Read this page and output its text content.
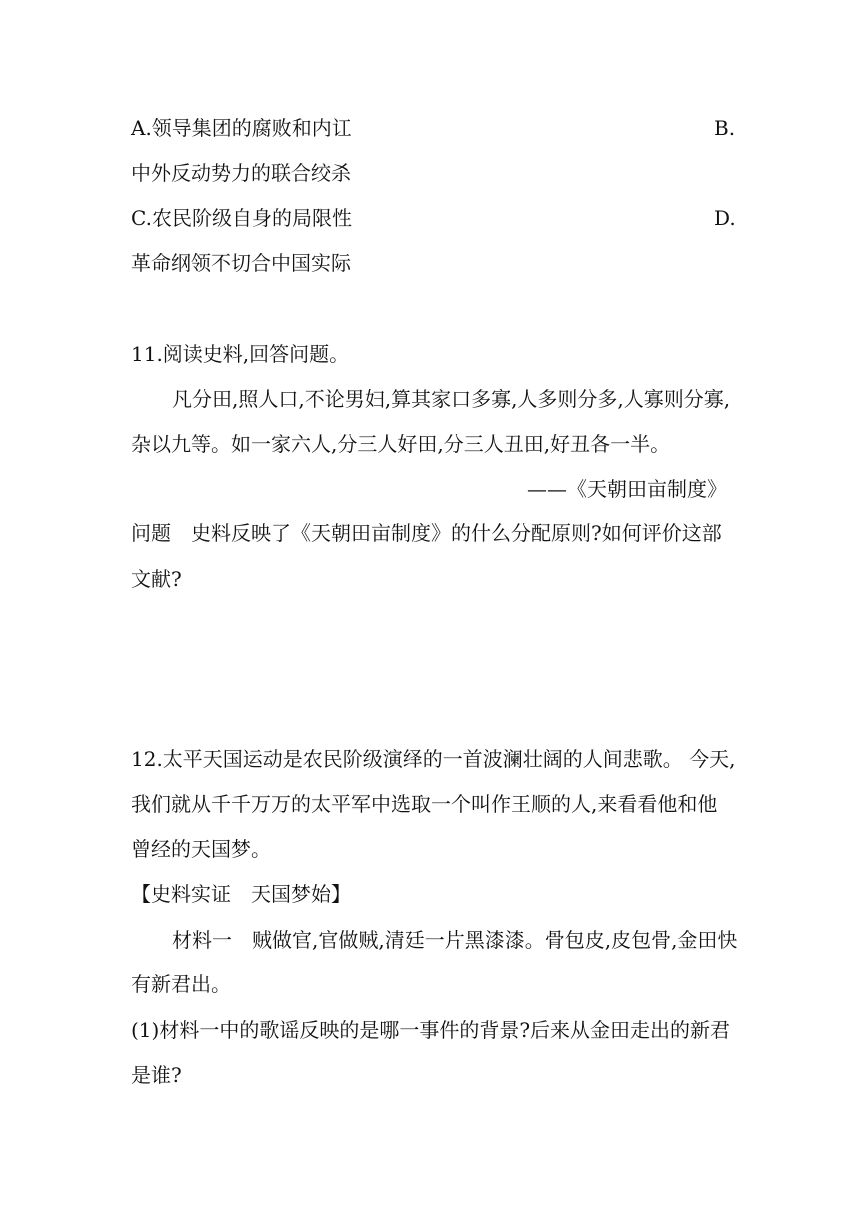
A.领导集团的腐败和内讧	B.
中外反动势力的联合绞杀
C.农民阶级自身的局限性	D.
革命纲领不切合中国实际
11.阅读史料,回答问题。
凡分田,照人口,不论男妇,算其家口多寡,人多则分多,人寡则分寡,
杂以九等。如一家六人,分三人好田,分三人丑田,好丑各一半。
——《天朝田亩制度》
问题　史料反映了《天朝田亩制度》的什么分配原则?如何评价这部
文献?
12.太平天国运动是农民阶级演绎的一首波澜壮阔的人间悲歌。 今天,
我们就从千千万万的太平军中选取一个叫作王顺的人,来看看他和他
曾经的天国梦。
【史料实证　天国梦始】
材料一　贼做官,官做贼,清廷一片黑漆漆。骨包皮,皮包骨,金田快
有新君出。
(1)材料一中的歌谣反映的是哪一事件的背景?后来从金田走出的新君
是谁?
